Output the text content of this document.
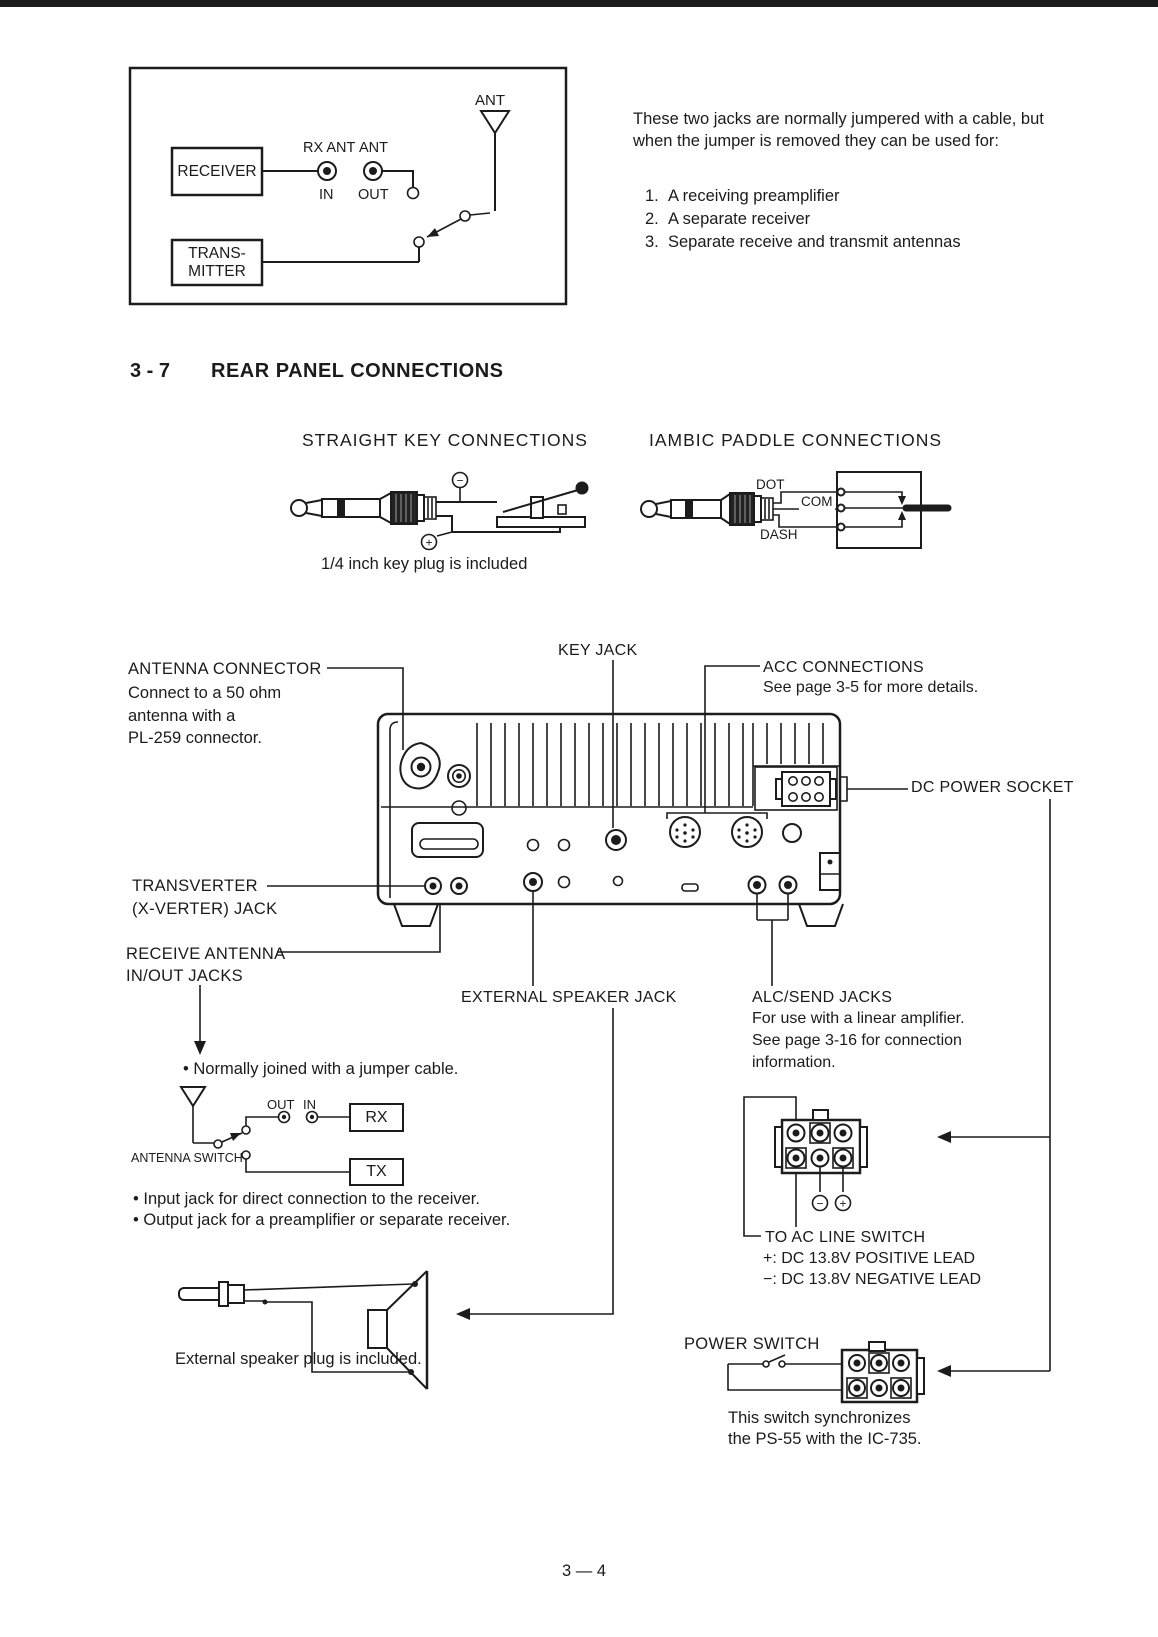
−
+
− +
RECEIVER
TRANS-
MITTER
RX ANT ANT
IN OUT
ANT
These two jacks are normally jumpered with a cable, but
when the jumper is removed they can be used for:
1. A receiving preamplifier
2. A separate receiver
3. Separate receive and transmit antennas
3 - 7 REAR PANEL CONNECTIONS
STRAIGHT KEY CONNECTIONS	IAMBIC PADDLE CONNECTIONS
1/4 inch key plug is included
DOT
COM
DASH
ANTENNA CONNECTOR
Connect to a 50 ohm
antenna with a
PL-259 connector.
KEY JACK
ACC CONNECTIONS
See page 3-5 for more details.
DC POWER SOCKET
TRANSVERTER
(X-VERTER) JACK
RECEIVE ANTENNA
IN/OUT JACKS
EXTERNAL SPEAKER JACK	ALC/SEND JACKS
For use with a linear amplifier.
See page 3-16 for connection
information.
• Normally joined with a jumper cable.
OUT IN
RX
TX
ANTENNA SWITCH
• Input jack for direct connection to the receiver.
• Output jack for a preamplifier or separate receiver.
TO AC LINE SWITCH
+: DC 13.8V POSITIVE LEAD
−: DC 13.8V NEGATIVE LEAD
External speaker plug is included.
POWER SWITCH
This switch synchronizes
the PS-55 with the IC-735.
3 — 4
